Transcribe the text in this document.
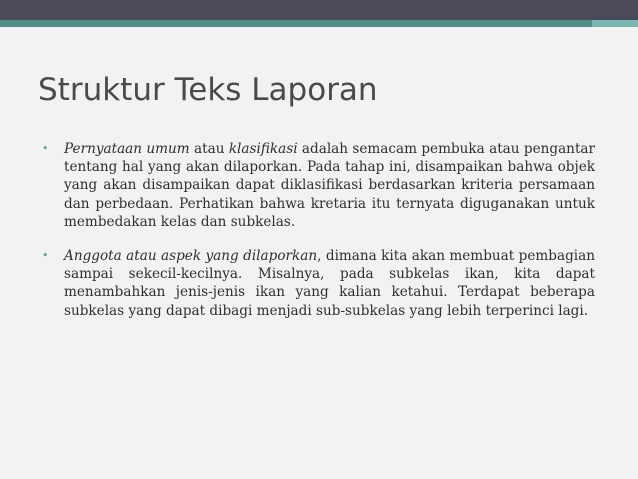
Struktur Teks Laporan
• Pernyataan umum atau klasifikasi adalah semacam pembuka atau pengantar tentang hal yang akan dilaporkan. Pada tahap ini, disampaikan bahwa objek yang akan disampaikan dapat diklasifikasi berdasarkan kriteria persamaan dan perbedaan. Perhatikan bahwa kretaria itu ternyata diguganakan untuk membedakan kelas dan subkelas.
• Anggota atau aspek yang dilaporkan, dimana kita akan membuat pembagian sampai sekecil-kecilnya. Misalnya, pada subkelas ikan, kita dapat menambahkan jenis-jenis ikan yang kalian ketahui. Terdapat beberapa subkelas yang dapat dibagi menjadi sub-subkelas yang lebih terperinci lagi.
